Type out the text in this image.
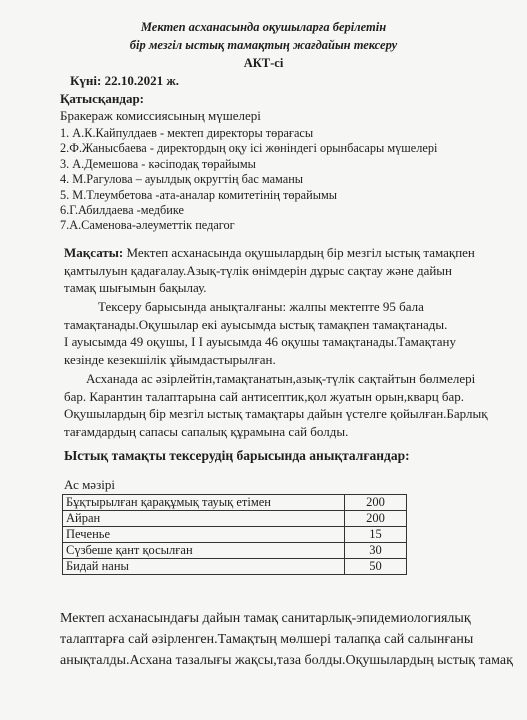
Мектеп асханасында оқушыларға берілетін
бір мезгіл ыстық тамақтың жағдайын тексеру
АКТ-сі
Күні: 22.10.2021 ж.
Қатысқандар:
Бракераж комиссиясының мүшелері
1. А.К.Кайпулдаев - мектеп директоры төрағасы
2.Ф.Жаныcбаева - директордың оқу ісі жөніндегі орынбасары мүшелері
3. А.Демешова - кәсіподақ төрайымы
4. М.Рагулова – ауылдық округтің бас маманы
5. М.Тлеумбетова -ата-аналар комитетінің төрайымы
6.Г.Абилдаева -медбике
7.А.Саменова-әлеуметтік педагог
Мақсаты: Мектеп асханасында оқушылардың бір мезгіл ыстық тамақпен
қамтылуын қадағалау.Азық-түлік өнімдерін дұрыс сақтау және дайын
тамақ шығымын бақылау.
Тексеру барысында анықталғаны: жалпы мектепте 95 бала
тамақтанады.Оқушылар екі ауысымда ыстық тамақпен тамақтанады.
I ауысымда 49 оқушы, I I ауысымда 46 оқушы тамақтанады.Тамақтану
кезінде кезекшілік ұйымдастырылған.
Асханада ас әзірлейтін,тамақтанатын,азық-түлік сақтайтын бөлмелері
бар. Карантин талаптарына сай антисептик,қол жуатын орын,кварц бар.
Оқушылардың бір мезгіл ыстық тамақтары дайын үстелге қойылған.Барлық
тағамдардың сапасы сапалық құрамына сай болды.
Ыстық тамақты тексерудің барысында анықталғандар:
Ас мәзірі
Бұқтырылған қарақұмық тауық етімен	200
Айран	200
Печенье	15
Сүзбеше қант қосылған	30
Бидай наны	50
Мектеп асханасындағы дайын тамақ санитарлық-эпидемиологиялық
талаптарға сай әзірленген.Тамақтың мөлшері талапқа сай салынғаны
анықталды.Асхана тазалығы жақсы,таза болды.Оқушылардың ыстық тамақ
